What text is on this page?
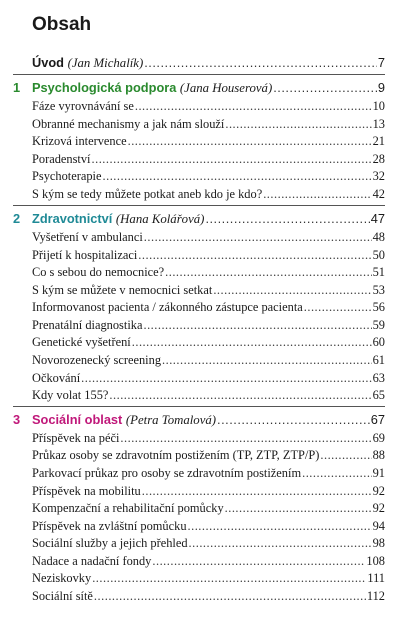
Obsah
Úvod (Jan Michalík) .....	7
1 Psychologická podpora (Jana Houserová) .....	9
Fáze vyrovnávání se .....	10
Obranné mechanismy a jak nám slouží .....	13
Krizová intervence .....	21
Poradenství .....	28
Psychoterapie .....	32
S kým se tedy můžete potkat aneb kdo je kdo? .....	42
2 Zdravotnictví (Hana Kolářová) .....	47
Vyšetření v ambulanci .....	48
Přijetí k hospitalizaci .....	50
Co s sebou do nemocnice? .....	51
S kým se můžete v nemocnici setkat .....	53
Informovanost pacienta / zákonného zástupce pacienta .....	56
Prenatální diagnostika .....	59
Genetické vyšetření .....	60
Novorozenecký screening .....	61
Očkování .....	63
Kdy volat 155? .....	65
3 Sociální oblast (Petra Tomalová) .....	67
Příspěvek na péči .....	69
Průkaz osoby se zdravotním postižením (TP, ZTP, ZTP/P) .....	88
Parkovací průkaz pro osoby se zdravotním postižením .....	91
Příspěvek na mobilitu .....	92
Kompenzační a rehabilitační pomůcky .....	92
Příspěvek na zvláštní pomůcku .....	94
Sociální služby a jejich přehled .....	98
Nadace a nadační fondy .....	108
Neziskovky .....	111
Sociální sítě .....	112
